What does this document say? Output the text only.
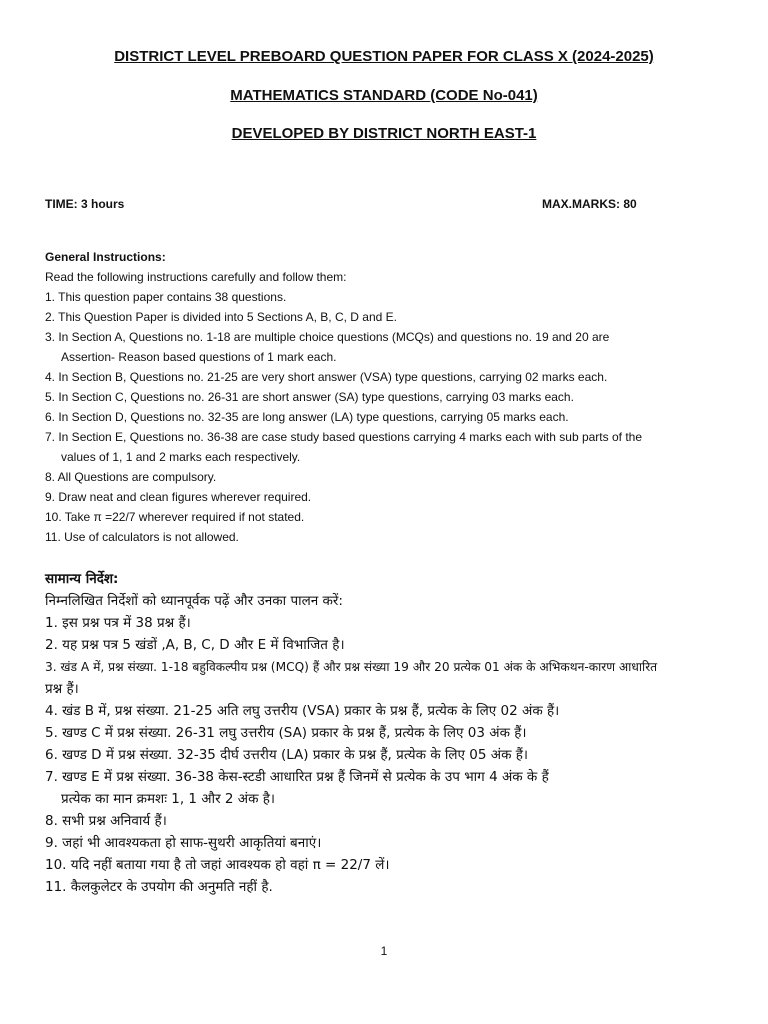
DISTRICT LEVEL PREBOARD QUESTION PAPER FOR CLASS X (2024-2025)
MATHEMATICS STANDARD (CODE No-041)
DEVELOPED BY DISTRICT NORTH EAST-1
TIME: 3 hours	MAX.MARKS: 80
General Instructions:
Read the following instructions carefully and follow them:
1. This question paper contains 38 questions.
2. This Question Paper is divided into 5 Sections A, B, C, D and E.
3. In Section A, Questions no. 1-18 are multiple choice questions (MCQs) and questions no. 19 and 20 are
Assertion- Reason based questions of 1 mark each.
4. In Section B, Questions no. 21-25 are very short answer (VSA) type questions, carrying 02 marks each.
5. In Section C, Questions no. 26-31 are short answer (SA) type questions, carrying 03 marks each.
6. In Section D, Questions no. 32-35 are long answer (LA) type questions, carrying 05 marks each.
7. In Section E, Questions no. 36-38 are case study based questions carrying 4 marks each with sub parts of the
values of 1, 1 and 2 marks each respectively.
8. All Questions are compulsory.
9. Draw neat and clean figures wherever required.
10. Take π =22/7 wherever required if not stated.
11. Use of calculators is not allowed.
सामान्य निर्देश:
निम्नलिखित निर्देशों को ध्यानपूर्वक पढ़ें और उनका पालन करें:
1. इस प्रश्न पत्र में 38 प्रश्न हैं।
2. यह प्रश्न पत्र 5 खंडों ,A, B, C, D और E में विभाजित है।
3. खंड A में, प्रश्न संख्या. 1-18 बहुविकल्पीय प्रश्न (MCQ) हैं और प्रश्न संख्या 19 और 20 प्रत्येक 01 अंक के अभिकथन-कारण आधारित
प्रश्न हैं।
4. खंड B में, प्रश्न संख्या. 21-25 अति लघु उत्तरीय (VSA) प्रकार के प्रश्न हैं, प्रत्येक के लिए 02 अंक हैं।
5. खण्ड C में प्रश्न संख्या. 26-31 लघु उत्तरीय (SA) प्रकार के प्रश्न हैं, प्रत्येक के लिए 03 अंक हैं।
6. खण्ड D में प्रश्न संख्या. 32-35 दीर्घ उत्तरीय (LA) प्रकार के प्रश्न हैं, प्रत्येक के लिए 05 अंक हैं।
7. खण्ड E में प्रश्न संख्या. 36-38 केस-स्टडी आधारित प्रश्न हैं जिनमें से प्रत्येक के उप भाग 4 अंक के हैं
प्रत्येक का मान क्रमशः 1, 1 और 2 अंक है।
8. सभी प्रश्न अनिवार्य हैं।
9. जहां भी आवश्यकता हो साफ-सुथरी आकृतियां बनाएं।
10. यदि नहीं बताया गया है तो जहां आवश्यक हो वहां π = 22/7 लें।
11. कैलकुलेटर के उपयोग की अनुमति नहीं है.
1
